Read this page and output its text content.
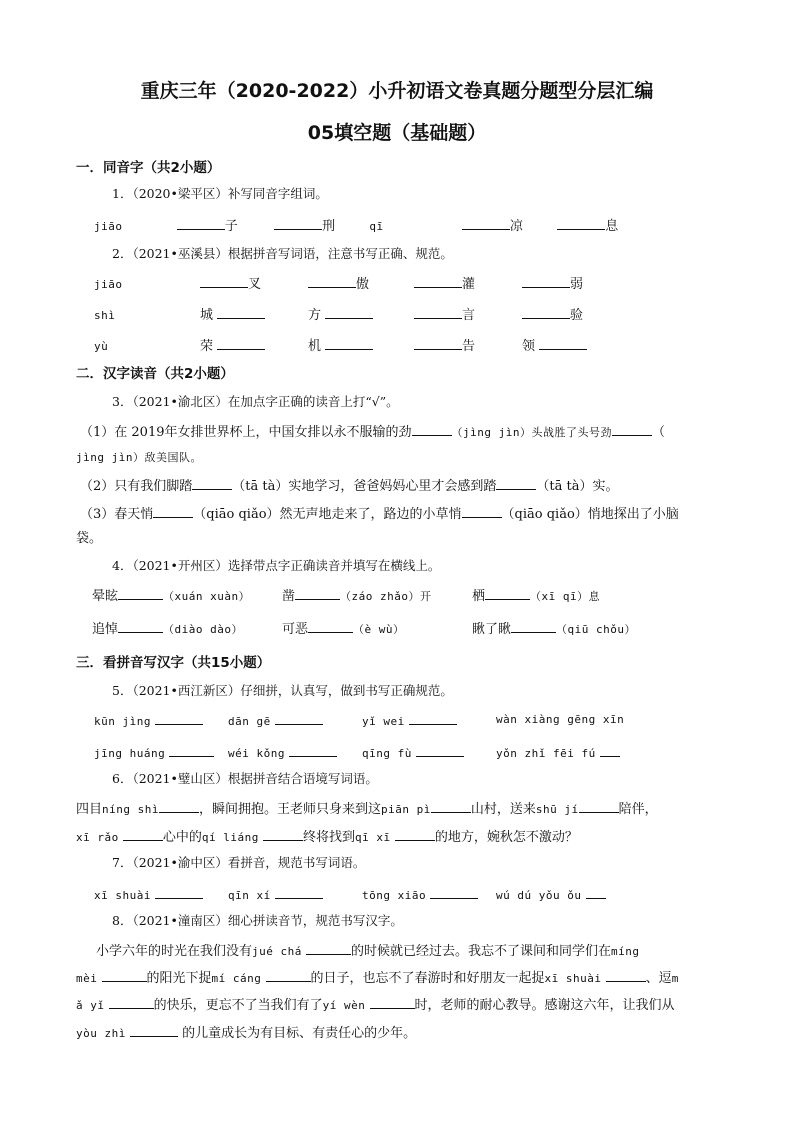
重庆三年（2020-2022）小升初语文卷真题分题型分层汇编
05填空题（基础题）
一．同音字（共2小题）
1．（2020•梁平区）补写同音字组词。
jiāo	子	刑	qī	凉	息
2．（2021•巫溪县）根据拼音写词语，注意书写正确、规范。
jiāo	叉	傲	灌	弱
shì	城	方	言	验
yù	荣	机	告	领
二．汉字读音（共2小题）
3．（2021•渝北区）在加点字正确的读音上打“√”。
（1）在 2019年女排世界杯上，中国女排以永不服输的劲	（jìng jìn）头战胜了头号劲	（
jìng jìn）敌美国队。
（2）只有我们脚踏	（tā tà）实地学习，爸爸妈妈心里才会感到踏	（tā tà）实。
（3）春天悄	（qiāo qiǎo）然无声地走来了，路边的小草悄	（qiāo qiǎo）悄地探出了小脑
袋。
4．（2021•开州区）选择带点字正确读音并填写在横线上。
晕眩	（xuán xuàn） 凿	（záo zhǎo）开	栖	（xī qī）息
追悼	（diào dào）	可恶	（è wù）	瞅了瞅	（qiū chǒu）
三．看拼音写汉字（共15小题）
5．（2021•西江新区）仔细拼，认真写，做到书写正确规范。
kūn jìng	dān gē	yǐ wei	wàn xiàng gēng xīn
jīng huáng	wéi kǒng	qīng fù	yǒn zhǐ fēi fú
6．（2021•璧山区）根据拼音结合语境写词语。
四目níng shì	，瞬间拥抱。王老师只身来到这piān pì	山村，送来shū jí	陪伴，
xī rǎo	心中的qí liáng	终将找到qī xī	的地方，婉秋怎不激动？
7．（2021•渝中区）看拼音，规范书写词语。
xī shuài	qīn xí	tōng xiāo	wú dú yǒu ǒu
8．（2021•潼南区）细心拼读音节，规范书写汉字。
小学六年的时光在我们没有jué chá	的时候就已经过去。我忘不了课间和同学们在míng
mèi	的阳光下捉mí cáng	的日子，也忘不了春游时和好朋友一起捉xī shuài	、逗m
ǎ yǐ	的快乐，更忘不了当我们有了yí wèn	时，老师的耐心教导。感谢这六年，让我们从
yòu zhì	的儿童成长为有目标、有责任心的少年。
